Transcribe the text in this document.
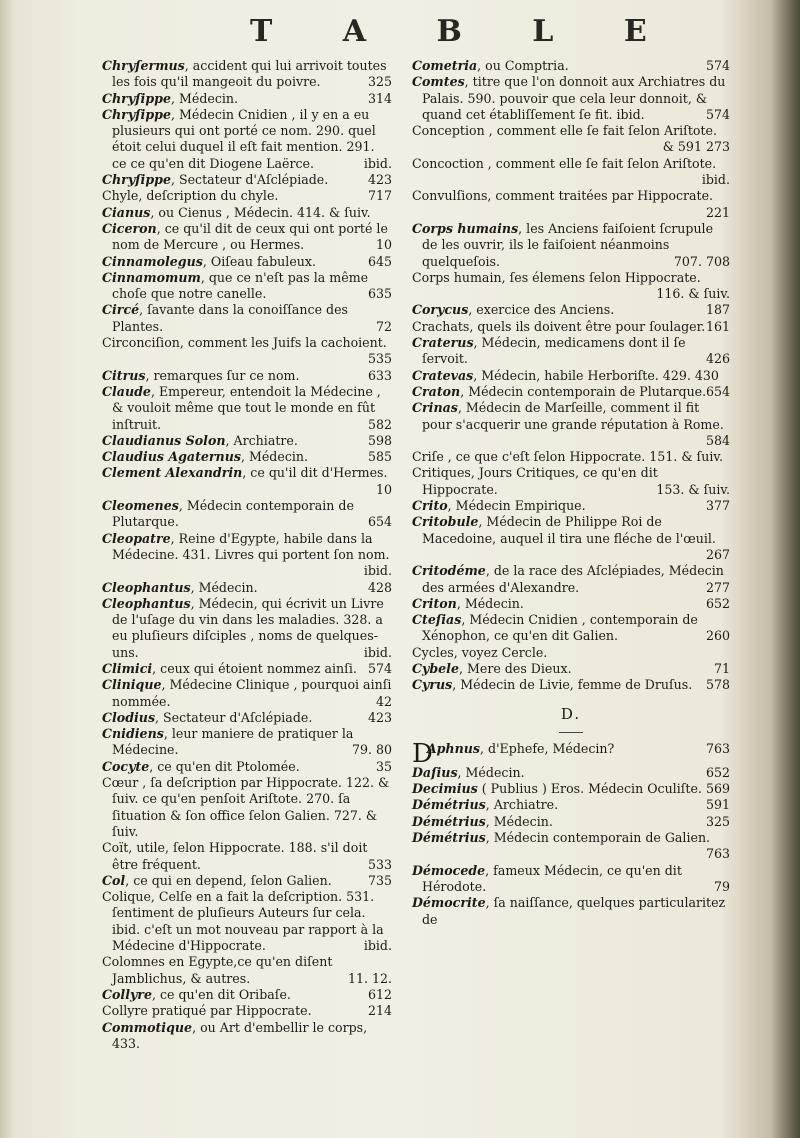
T A B L E

Chryſermus, accident qui lui arrivoit toutes les fois qu'il mangeoit du poivre.	325

Chryſippe, Médecin.	314

Chryſippe, Médecin Cnidien , il y en a eu plusieurs qui ont porté ce nom. 290. quel étoit celui duquel il eſt fait mention. 291. ce ce qu'en dit Diogene Laërce.	ibid.

Chryſippe, Sectateur d'Aſclépiade.	423

Chyle, deſcription du chyle.	717

Cianus, ou Cienus , Médecin. 414. & ſuiv.

Ciceron, ce qu'il dit de ceux qui ont porté le nom de Mercure , ou Hermes.	10

Cinnamolegus, Oiſeau fabuleux.	645

Cinnamomum, que ce n'eſt pas la même choſe que notre canelle.	635

Circé, ſavante dans la conoiſſance des Plantes.	72

Circonciſion, comment les Juifs la cachoient.
535

Citrus, remarques ſur ce nom.	633

Claude, Empereur, entendoit la Médecine , & vouloit même que tout le monde en fût inſtruit.	582

Claudianus Solon, Archiatre.	598

Claudius Agaternus, Médecin.	585

Clement Alexandrin, ce qu'il dit d'Hermes.
10

Cleomenes, Médecin contemporain de Plutarque.	654

Cleopatre, Reine d'Egypte, habile dans la Médecine. 431. Livres qui portent ſon nom.
ibid.

Cleophantus, Médecin.	428

Cleophantus, Médecin, qui écrivit un Livre de l'uſage du vin dans les maladies. 328. a eu pluſieurs diſciples , noms de quelques-uns.	ibid.

Climici, ceux qui étoient nommez ainſi. 574

Clinique, Médecine Clinique , pourquoi ainſi nommée.	42

Clodius, Sectateur d'Aſclépiade.	423

Cnidiens, leur maniere de pratiquer la Médecine.	79. 80

Cocyte, ce qu'en dit Ptolomée.	35

Cœur , ſa deſcription par Hippocrate. 122. & ſuiv. ce qu'en penſoit Ariſtote. 270. ſa ſituation & ſon office ſelon Galien. 727. & ſuiv.

Coït, utile, ſelon Hippocrate. 188. s'il doit être fréquent.	533

Col, ce qui en depend, ſelon Galien.	735

Colique, Celſe en a fait la deſcription. 531. ſentiment de pluſieurs Auteurs ſur cela. ibid. c'eſt un mot nouveau par rapport à la Médecine d'Hippocrate.	ibid.

Colomnes en Egypte,ce qu'en diſent Jamblichus, & autres.	11. 12.

Collyre, ce qu'en dit Oribaſe.	612

Collyre pratiqué par Hippocrate.	214

Commotique, ou Art d'embellir le corps, 433.

Cometria, ou Comptria.	574

Comtes, titre que l'on donnoit aux Archiatres du Palais. 590. pouvoir que cela leur donnoit, & quand cet établiſſement ſe fit. ibid.	574

Conception , comment elle ſe fait ſelon Ariſtote.
& 591 273

Concoction , comment elle ſe fait ſelon Ariſtote.
ibid.

Convulſions, comment traitées par Hippocrate.
221

Corps humains, les Anciens faiſoient ſcrupule de les ouvrir, ils le faiſoient néanmoins quelqueſois.	707. 708

Corps humain, ſes élemens ſelon Hippocrate.
116. & ſuiv.

Corycus, exercice des Anciens.	187

Crachats, quels ils doivent être pour ſoulager. 161

Craterus, Médecin, medicamens dont il ſe ſervoit.	426

Cratevas, Médecin, habile Herboriſte. 429. 430

Craton, Médecin contemporain de Plutarque. 654

Crinas, Médecin de Marſeille, comment il fit pour s'acquerir une grande réputation à Rome.
584

Criſe , ce que c'eſt ſelon Hippocrate. 151. & ſuiv.

Critiques, Jours Critiques, ce qu'en dit Hippocrate.	153. & ſuiv.

Crito, Médecin Empirique.	377

Critobule, Médecin de Philippe Roi de Macedoine, auquel il tira une fléche de l'œuil.
267

Critodéme, de la race des Aſclépiades, Médecin des armées d'Alexandre.	277

Criton, Médecin.	652

Cteſias, Médecin Cnidien , contemporain de Xénophon, ce qu'en dit Galien.	260

Cycles, voyez Cercle.

Cybele, Mere des Dieux.	71

Cyrus, Médecin de Livie, femme de Druſus. 578

D.

D
Aphnus, d'Ephefe, Médecin?	763

Daſius, Médecin.	652

Decimius ( Publius ) Eros. Médecin Oculiſte. 569

Démétrius, Archiatre.	591

Démétrius, Médecin.	325

Démétrius, Médecin contemporain de Galien.
763

Démocede, fameux Médecin, ce qu'en dit Hérodote.	79

Démocrite, ſa naiſſance, quelques particularitez de
